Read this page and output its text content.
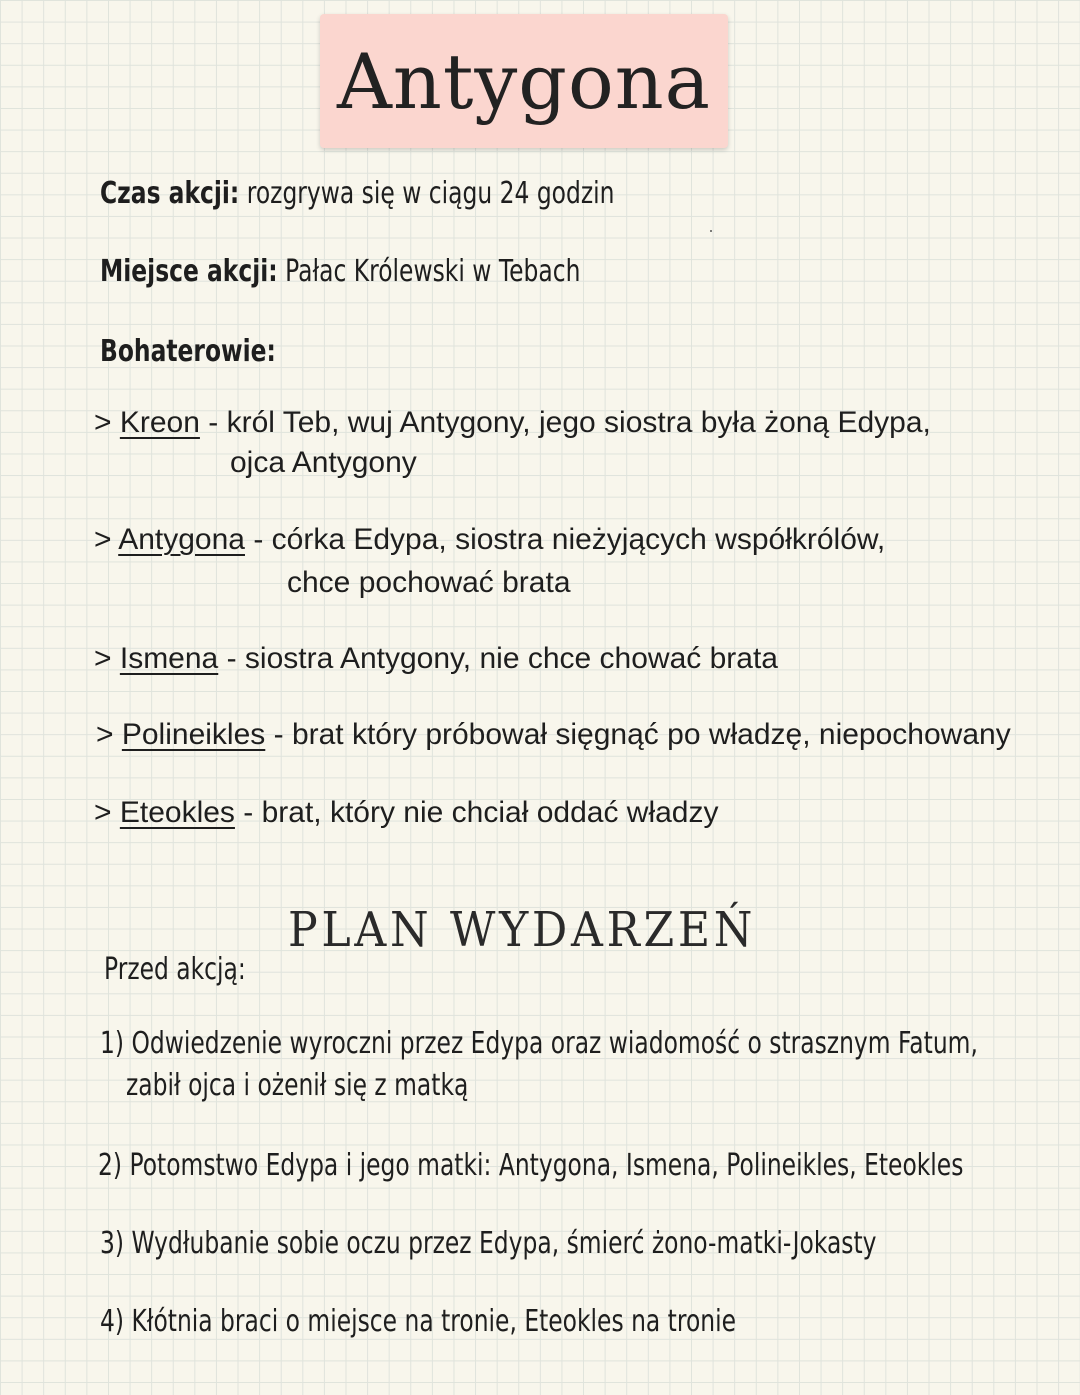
Antygona
Czas akcji: rozgrywa się w ciągu 24 godzin
Miejsce akcji: Pałac Królewski w Tebach
Bohaterowie:
> Kreon - król Teb, wuj Antygony, jego siostra była żoną Edypa,
ojca Antygony
> Antygona - córka Edypa, siostra nieżyjących współkrólów,
chce pochować brata
> Ismena - siostra Antygony, nie chce chować brata
> Polineikles - brat który próbował sięgnąć po władzę, niepochowany
> Eteokles - brat, który nie chciał oddać władzy
PLAN WYDARZEŃ
Przed akcją:
1) Odwiedzenie wyroczni przez Edypa oraz wiadomość o strasznym Fatum,
zabił ojca i ożenił się z matką
2) Potomstwo Edypa i jego matki: Antygona, Ismena, Polineikles, Eteokles
3) Wydłubanie sobie oczu przez Edypa, śmierć żono-matki-Jokasty
4) Kłótnia braci o miejsce na tronie, Eteokles na tronie
